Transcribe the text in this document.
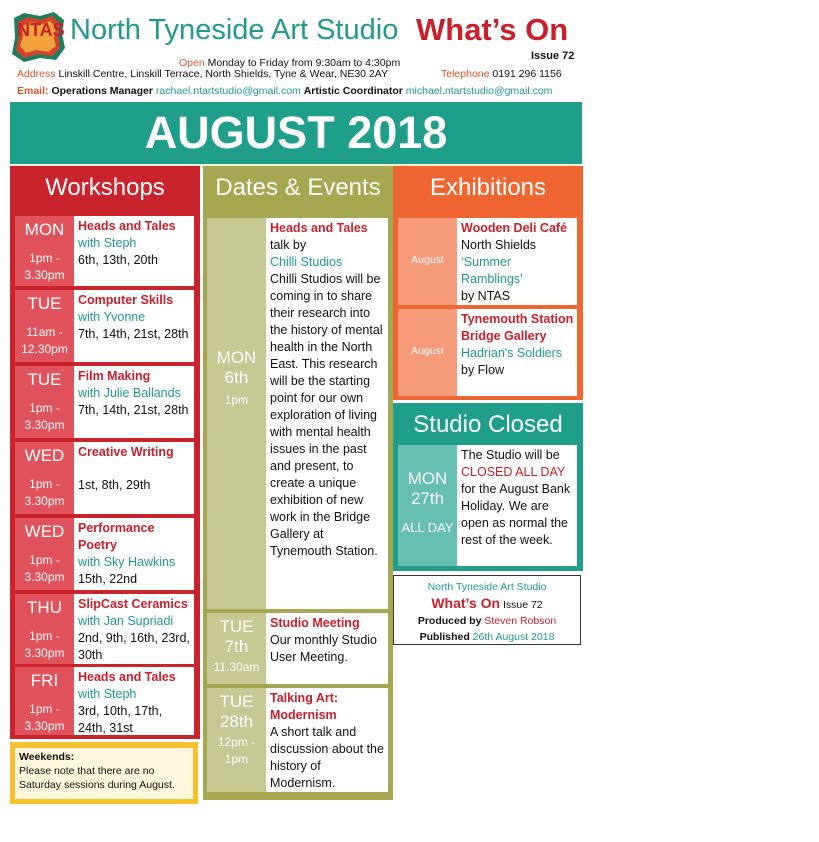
NTAS North Tyneside Art Studio What’s On
Issue 72
Open Monday to Friday from 9:30am to 4:30pm
Address Linskill Centre, Linskill Terrace, North Shields, Tyne & Wear, NE30 2AY	Telephone 0191 296 1156
Email: Operations Manager rachael.ntartstudio@gmail.com Artistic Coordinator michael.ntartstudio@gmail.com
AUGUST 2018
Workshops
MON
1pm - 3.30pm
Heads and Tales
with Steph
6th, 13th, 20th
TUE
11am - 12.30pm
Computer Skills
with Yvonne
7th, 14th, 21st, 28th
TUE
1pm - 3.30pm
Film Making
with Julie Ballands
7th, 14th, 21st, 28th
WED
1pm - 3.30pm
Creative Writing
1st, 8th, 29th
WED
1pm - 3.30pm
Performance Poetry
with Sky Hawkins
15th, 22nd
THU
1pm - 3.30pm
SlipCast Ceramics
with Jan Supriadi
2nd, 9th, 16th, 23rd, 30th
FRI
1pm - 3.30pm
Heads and Tales
with Steph
3rd, 10th, 17th, 24th, 31st
Weekends:
Please note that there are no Saturday sessions during August.
Dates & Events
MON
6th
1pm
Heads and Tales
talk by
Chilli Studios
Chilli Studios will be coming in to share their research into the history of mental health in the North East. This research will be the starting point for our own exploration of living with mental health issues in the past and present, to create a unique exhibition of new work in the Bridge Gallery at Tynemouth Station.
TUE
7th
11.30am
Studio Meeting
Our monthly Studio User Meeting.
TUE
28th
12pm - 1pm
Talking Art: Modernism
A short talk and discussion about the history of Modernism.
Exhibitions
August
Wooden Deli Café
North Shields
‘Summer Ramblings’
by NTAS
August
Tynemouth Station Bridge Gallery
Hadrian's Soldiers
by Flow
Studio Closed
MON
27th
ALL DAY
The Studio will be
CLOSED ALL DAY
for the August Bank Holiday. We are open as normal the rest of the week.
North Tyneside Art Studio
What’s On Issue 72
Produced by Steven Robson
Published 26th August 2018
